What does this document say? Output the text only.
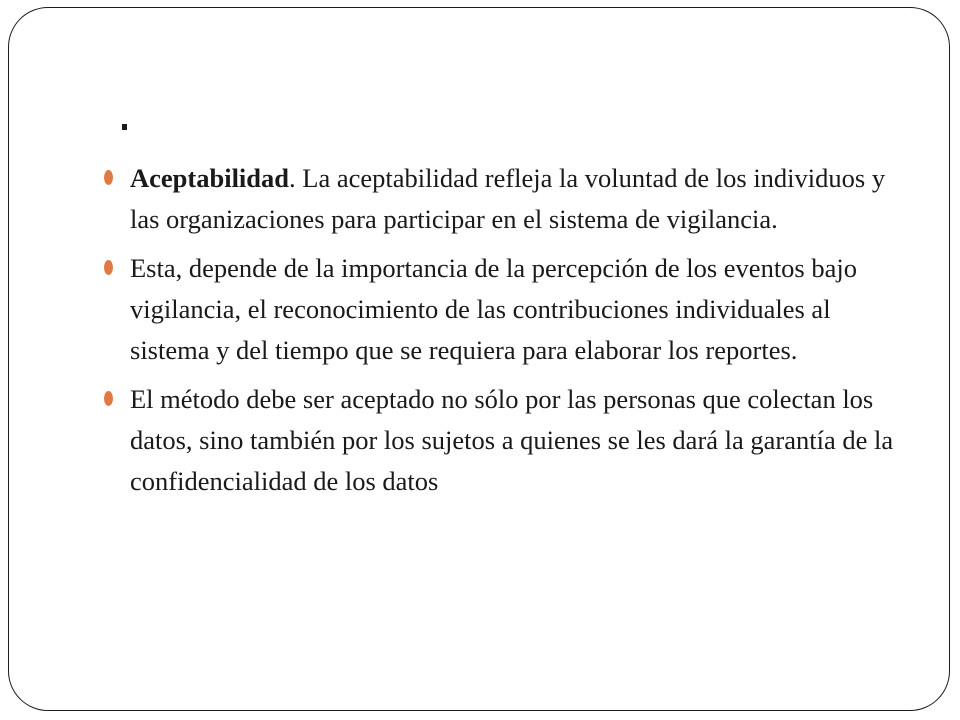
Aceptabilidad. La aceptabilidad refleja la voluntad de los individuos y las organizaciones para participar en el sistema de vigilancia.
Esta, depende de la importancia de la percepción de los eventos bajo vigilancia, el reconocimiento de las contribuciones individuales al sistema y del tiempo que se requiera para elaborar los reportes.
El método debe ser aceptado no sólo por las personas que colectan los datos, sino también por los sujetos a quienes se les dará la garantía de la confidencialidad de los datos
